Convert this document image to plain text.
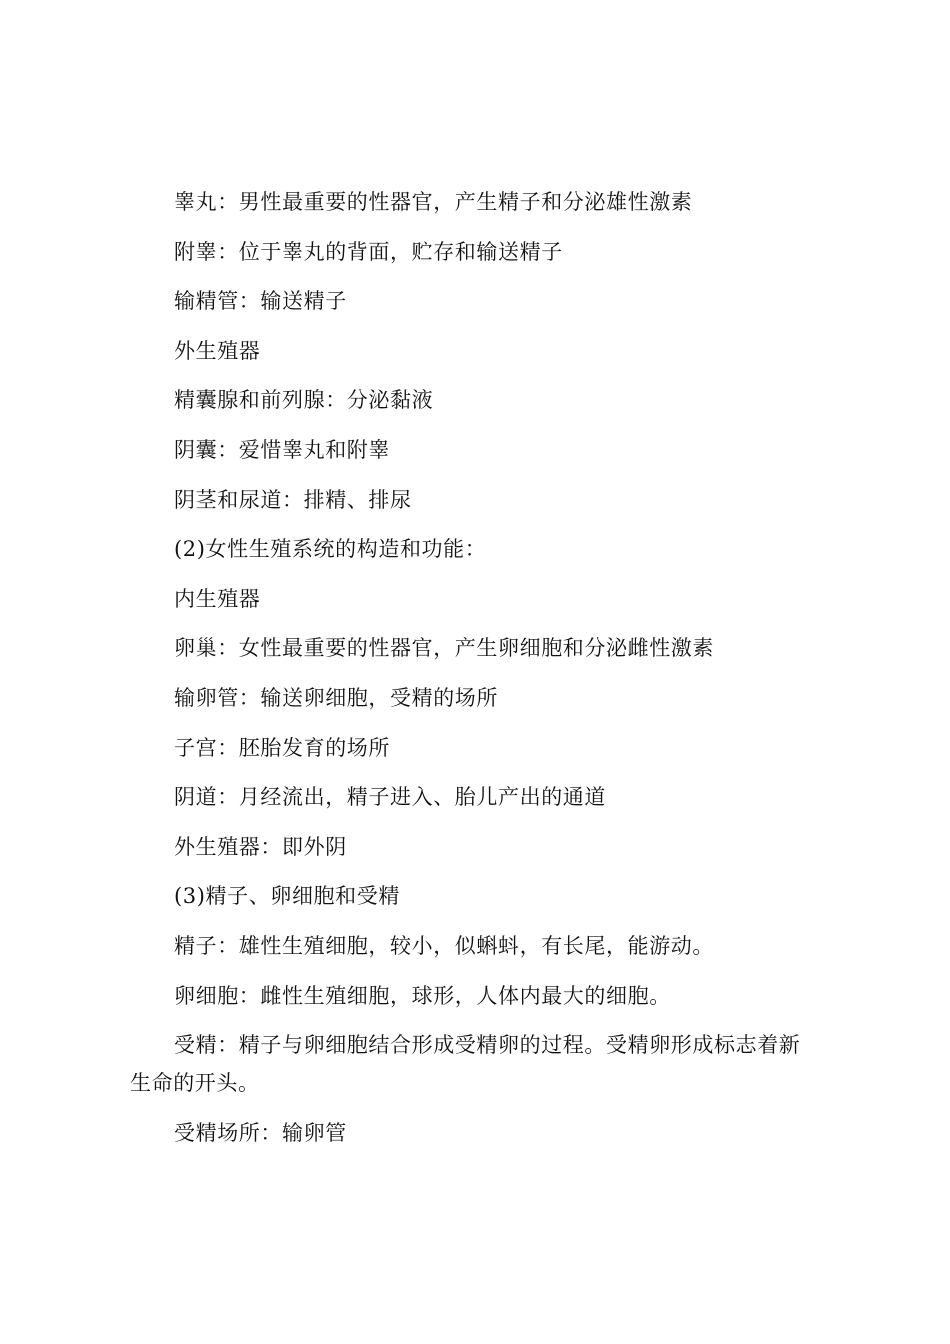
睾丸：男性最重要的性器官，产生精子和分泌雄性激素

附睾：位于睾丸的背面，贮存和输送精子

输精管：输送精子

外生殖器

精囊腺和前列腺：分泌黏液

阴囊：爱惜睾丸和附睾

阴茎和尿道：排精、排尿

(2)女性生殖系统的构造和功能：

内生殖器

卵巢：女性最重要的性器官，产生卵细胞和分泌雌性激素

输卵管：输送卵细胞，受精的场所

子宫：胚胎发育的场所

阴道：月经流出，精子进入、胎儿产出的通道

外生殖器：即外阴

(3)精子、卵细胞和受精

精子：雄性生殖细胞，较小，似蝌蚪，有长尾，能游动。

卵细胞：雌性生殖细胞，球形，人体内最大的细胞。

受精：精子与卵细胞结合形成受精卵的过程。受精卵形成标志着新
生命的开头。

受精场所：输卵管
